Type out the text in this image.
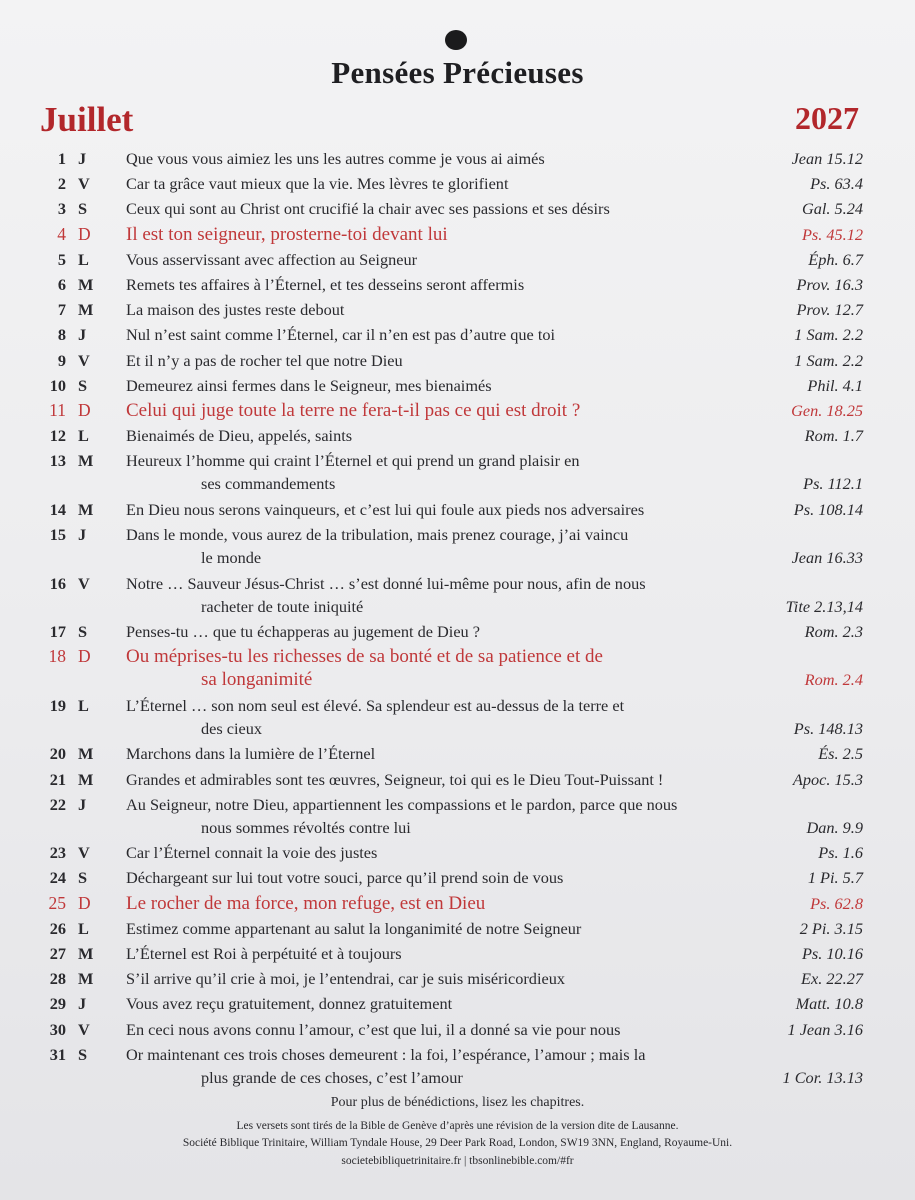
Pensées Précieuses
Juillet	2027
1 J	Que vous vous aimiez les uns les autres comme je vous ai aimés	Jean 15.12
2 V	Car ta grâce vaut mieux que la vie. Mes lèvres te glorifient	Ps. 63.4
3 S	Ceux qui sont au Christ ont crucifié la chair avec ses passions et ses désirs	Gal. 5.24
4 D	Il est ton seigneur, prosterne-toi devant lui	Ps. 45.12
5 L	Vous asservissant avec affection au Seigneur	Éph. 6.7
6 M Remets tes affaires à l’Éternel, et tes desseins seront affermis	Prov. 16.3
7 M La maison des justes reste debout	Prov. 12.7
8 J	Nul n’est saint comme l’Éternel, car il n’en est pas d’autre que toi	1 Sam. 2.2
9 V	Et il n’y a pas de rocher tel que notre Dieu	1 Sam. 2.2
10 S	Demeurez ainsi fermes dans le Seigneur, mes bienaimés	Phil. 4.1
11 D	Celui qui juge toute la terre ne fera-t-il pas ce qui est droit ?	Gen. 18.25
12 L	Bienaimés de Dieu, appelés, saints	Rom. 1.7
13 M Heureux l’homme qui craint l’Éternel et qui prend un grand plaisir en
ses commandements	Ps. 112.1
14 M En Dieu nous serons vainqueurs, et c’est lui qui foule aux pieds nos adversaires	Ps. 108.14
15 J	Dans le monde, vous aurez de la tribulation, mais prenez courage, j’ai vaincu
le monde	Jean 16.33
16 V	Notre … Sauveur Jésus-Christ … s’est donné lui-même pour nous, afin de nous
racheter de toute iniquité	Tite 2.13,14
17 S	Penses-tu … que tu échapperas au jugement de Dieu ?	Rom. 2.3
18 D	Ou méprises-tu les richesses de sa bonté et de sa patience et de
sa longanimité	Rom. 2.4
19 L	L’Éternel … son nom seul est élevé. Sa splendeur est au-dessus de la terre et
des cieux	Ps. 148.13
20 M Marchons dans la lumière de l’Éternel	És. 2.5
21 M Grandes et admirables sont tes œuvres, Seigneur, toi qui es le Dieu Tout-Puissant !	Apoc. 15.3
22 J	Au Seigneur, notre Dieu, appartiennent les compassions et le pardon, parce que nous
nous sommes révoltés contre lui	Dan. 9.9
23 V	Car l’Éternel connait la voie des justes	Ps. 1.6
24 S	Déchargeant sur lui tout votre souci, parce qu’il prend soin de vous	1 Pi. 5.7
25 D	Le rocher de ma force, mon refuge, est en Dieu	Ps. 62.8
26 L	Estimez comme appartenant au salut la longanimité de notre Seigneur	2 Pi. 3.15
27 M L’Éternel est Roi à perpétuité et à toujours	Ps. 10.16
28 M S’il arrive qu’il crie à moi, je l’entendrai, car je suis miséricordieux	Ex. 22.27
29 J	Vous avez reçu gratuitement, donnez gratuitement	Matt. 10.8
30 V	En ceci nous avons connu l’amour, c’est que lui, il a donné sa vie pour nous	1 Jean 3.16
31 S	Or maintenant ces trois choses demeurent : la foi, l’espérance, l’amour ; mais la
plus grande de ces choses, c’est l’amour	1 Cor. 13.13
Pour plus de bénédictions, lisez les chapitres.
Les versets sont tirés de la Bible de Genève d’après une révision de la version dite de Lausanne.
Société Biblique Trinitaire, William Tyndale House, 29 Deer Park Road, London, SW19 3NN, England, Royaume-Uni.
societebibliquetrinitaire.fr | tbsonlinebible.com/#fr
